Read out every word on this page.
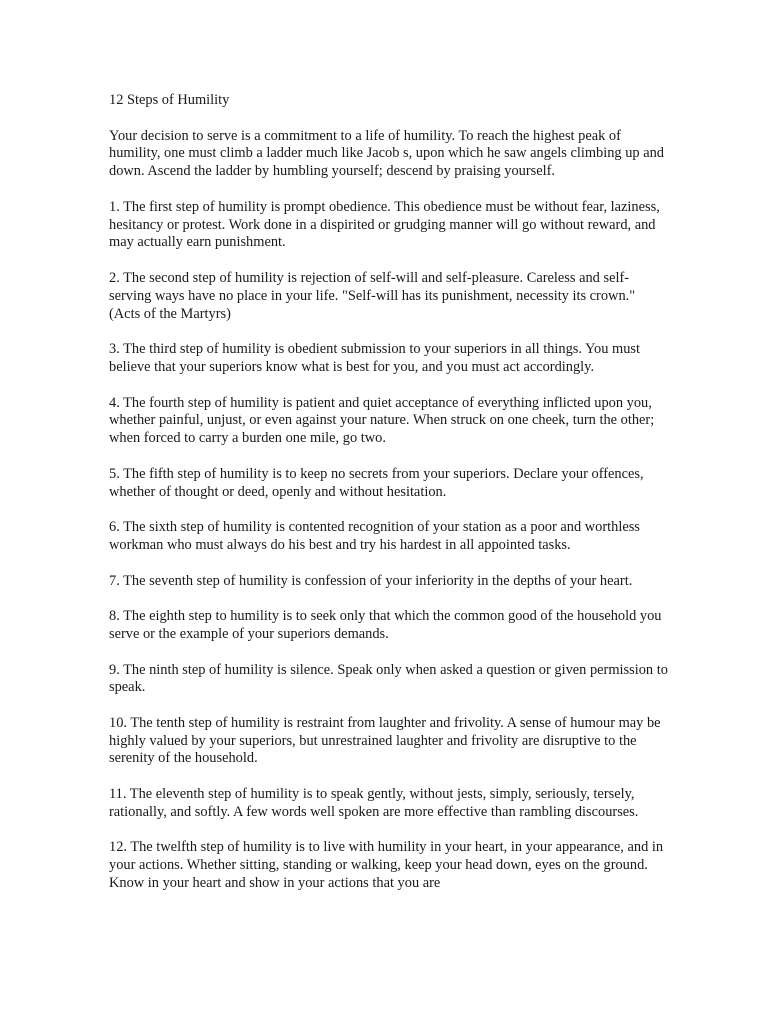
12 Steps of Humility

Your decision to serve is a commitment to a life of humility. To reach the highest peak of humility, one must climb a ladder much like Jacob s, upon which he saw angels climbing up and down. Ascend the ladder by humbling yourself; descend by praising yourself.

1. The first step of humility is prompt obedience. This obedience must be without fear, laziness, hesitancy or protest. Work done in a dispirited or grudging manner will go without reward, and may actually earn punishment.

2. The second step of humility is rejection of self-will and self-pleasure. Careless and self-serving ways have no place in your life. "Self-will has its punishment, necessity its crown." (Acts of the Martyrs)

3. The third step of humility is obedient submission to your superiors in all things. You must believe that your superiors know what is best for you, and you must act accordingly.

4. The fourth step of humility is patient and quiet acceptance of everything inflicted upon you, whether painful, unjust, or even against your nature. When struck on one cheek, turn the other; when forced to carry a burden one mile, go two.

5. The fifth step of humility is to keep no secrets from your superiors. Declare your offences, whether of thought or deed, openly and without hesitation.

6. The sixth step of humility is contented recognition of your station as a poor and worthless workman who must always do his best and try his hardest in all appointed tasks.

7. The seventh step of humility is confession of your inferiority in the depths of your heart.

8. The eighth step to humility is to seek only that which the common good of the household you serve or the example of your superiors demands.

9. The ninth step of humility is silence. Speak only when asked a question or given permission to speak.

10. The tenth step of humility is restraint from laughter and frivolity. A sense of humour may be highly valued by your superiors, but unrestrained laughter and frivolity are disruptive to the serenity of the household.

11. The eleventh step of humility is to speak gently, without jests, simply, seriously, tersely, rationally, and softly. A few words well spoken are more effective than rambling discourses.

12. The twelfth step of humility is to live with humility in your heart, in your appearance, and in your actions. Whether sitting, standing or walking, keep your head down, eyes on the ground. Know in your heart and show in your actions that you are
